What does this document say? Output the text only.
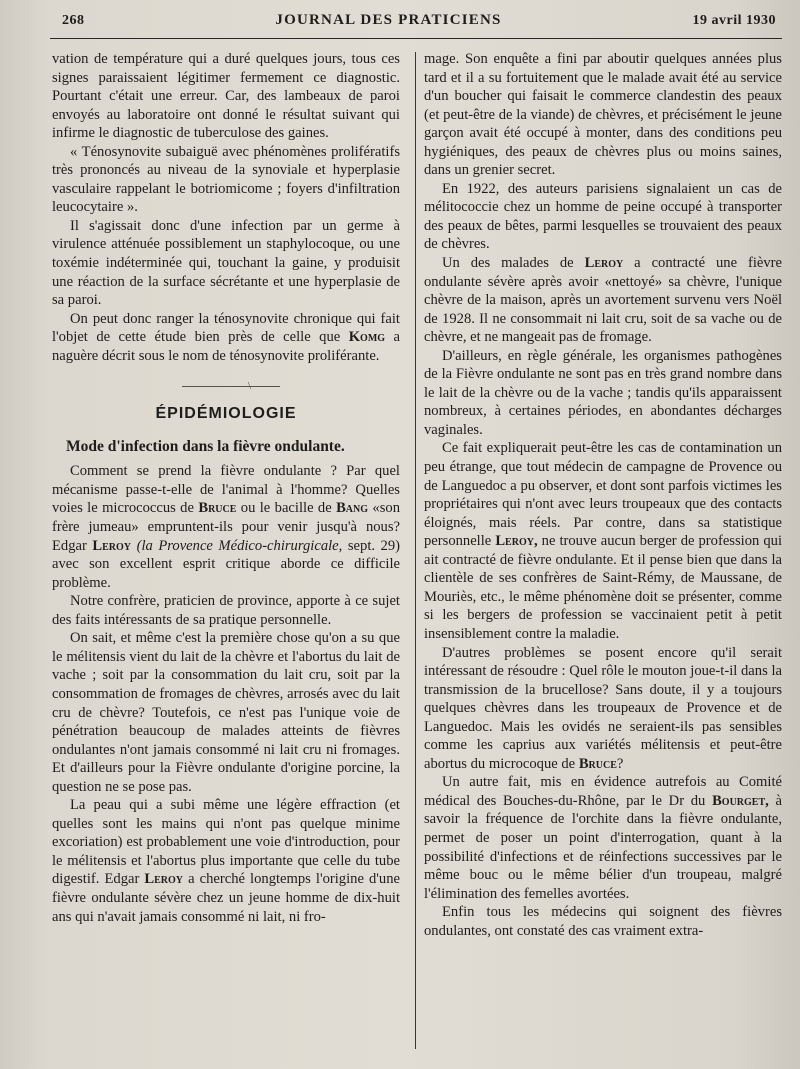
268	JOURNAL DES PRATICIENS	19 avril 1930

vation de température qui a duré quelques jours, tous ces signes paraissaient légitimer fermement ce diagnostic. Pourtant c'était une erreur. Car, des lambeaux de paroi envoyés au laboratoire ont donné le résultat suivant qui infirme le diagnostic de tuberculose des gaines.

« Ténosynovite subaiguë avec phénomènes prolifératifs très prononcés au niveau de la synoviale et hyperplasie vasculaire rappelant le botriomicome ; foyers d'infiltration leucocytaire ».

Il s'agissait donc d'une infection par un germe à virulence atténuée possiblement un staphylocoque, ou une toxémie indéterminée qui, touchant la gaine, y produisit une réaction de la surface sécrétante et une hyperplasie de sa paroi.

On peut donc ranger la ténosynovite chronique qui fait l'objet de cette étude bien près de celle que Komg a naguère décrit sous le nom de ténosynovite proliférante.

\
ÉPIDÉMIOLOGIE
Mode d'infection dans la fièvre ondulante.

Comment se prend la fièvre ondulante ? Par quel mécanisme passe-t-elle de l'animal à l'homme? Quelles voies le micrococcus de Bruce ou le bacille de Bang «son frère jumeau» empruntent-ils pour venir jusqu'à nous? Edgar Leroy (la Provence Médico-chirurgicale, sept. 29) avec son excellent esprit critique aborde ce difficile problème.

Notre confrère, praticien de province, apporte à ce sujet des faits intéressants de sa pratique personnelle.

On sait, et même c'est la première chose qu'on a su que le mélitensis vient du lait de la chèvre et l'abortus du lait de vache ; soit par la consommation du lait cru, soit par la consommation de fromages de chèvres, arrosés avec du lait cru de chèvre? Toutefois, ce n'est pas l'unique voie de pénétration beaucoup de malades atteints de fièvres ondulantes n'ont jamais consommé ni lait cru ni fromages. Et d'ailleurs pour la Fièvre ondulante d'origine porcine, la question ne se pose pas.

La peau qui a subi même une légère effraction (et quelles sont les mains qui n'ont pas quelque minime excoriation) est probablement une voie d'introduction, pour le mélitensis et l'abortus plus importante que celle du tube digestif. Edgar Leroy a cherché longtemps l'origine d'une fièvre ondulante sévère chez un jeune homme de dix-huit ans qui n'avait jamais consommé ni lait, ni fro-

mage. Son enquête a fini par aboutir quelques années plus tard et il a su fortuitement que le malade avait été au service d'un boucher qui faisait le commerce clandestin des peaux (et peut-être de la viande) de chèvres, et précisément le jeune garçon avait été occupé à monter, dans des conditions peu hygiéniques, des peaux de chèvres plus ou moins saines, dans un grenier secret.

En 1922, des auteurs parisiens signalaient un cas de mélitococcie chez un homme de peine occupé à transporter des peaux de bêtes, parmi lesquelles se trouvaient des peaux de chèvres.

Un des malades de Leroy a contracté une fièvre ondulante sévère après avoir «nettoyé» sa chèvre, l'unique chèvre de la maison, après un avortement survenu vers Noël de 1928. Il ne consommait ni lait cru, soit de sa vache ou de chèvre, et ne mangeait pas de fromage.

D'ailleurs, en règle générale, les organismes pathogènes de la Fièvre ondulante ne sont pas en très grand nombre dans le lait de la chèvre ou de la vache ; tandis qu'ils apparaissent nombreux, à certaines périodes, en abondantes décharges vaginales.

Ce fait expliquerait peut-être les cas de contamination un peu étrange, que tout médecin de campagne de Provence ou de Languedoc a pu observer, et dont sont parfois victimes les propriétaires qui n'ont avec leurs troupeaux que des contacts éloignés, mais réels. Par contre, dans sa statistique personnelle Leroy, ne trouve aucun berger de profession qui ait contracté de fièvre ondulante. Et il pense bien que dans la clientèle de ses confrères de Saint-Rémy, de Maussane, de Mouriès, etc., le même phénomène doit se présenter, comme si les bergers de profession se vaccinaient petit à petit insensiblement contre la maladie.

D'autres problèmes se posent encore qu'il serait intéressant de résoudre : Quel rôle le mouton joue-t-il dans la transmission de la brucellose? Sans doute, il y a toujours quelques chèvres dans les troupeaux de Provence et de Languedoc. Mais les ovidés ne seraient-ils pas sensibles comme les caprius aux variétés mélitensis et peut-être abortus du microcoque de Bruce?

Un autre fait, mis en évidence autrefois au Comité médical des Bouches-du-Rhône, par le Dr du Bourget, à savoir la fréquence de l'orchite dans la fièvre ondulante, permet de poser un point d'interrogation, quant à la possibilité d'infections et de réinfections successives par le même bouc ou le même bélier d'un troupeau, malgré l'élimination des femelles avortées.

Enfin tous les médecins qui soignent des fièvres ondulantes, ont constaté des cas vraiment extra-
